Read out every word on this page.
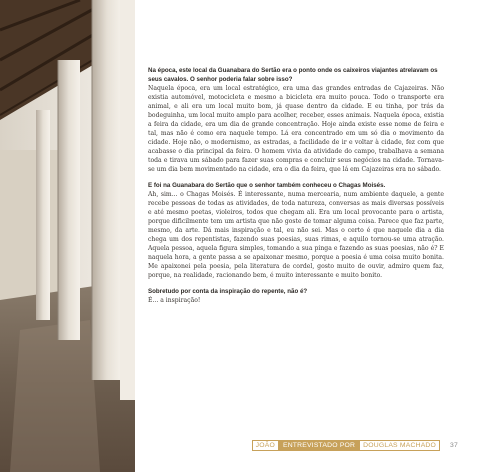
Na época, este local da Guanabara do Sertão era o ponto onde os caixeiros viajantes atrelavam os seus cavalos. O senhor poderia falar sobre isso?

Naquela época, era um local estratégico, era uma das grandes entradas de Cajazeiras. Não existia automóvel, motocicleta e mesmo a bicicleta era muito pouca. Todo o transporte era animal, e ali era um local muito bom, já quase dentro da cidade. E eu tinha, por trás da bodeguinha, um local muito amplo para acolher, receber, esses animais. Naquela época, existia a feira da cidade, era um dia de grande concentração. Hoje ainda existe esse nome de feira e tal, mas não é como era naquele tempo. Lá era concentrado em um só dia o movimento da cidade. Hoje não, o modernismo, as estradas, a facilidade de ir e voltar à cidade, fez com que acabasse o dia principal da feira. O homem vivia da atividade do campo, trabalhava a semana toda e tirava um sábado para fazer suas compras e concluir seus negócios na cidade. Tornava-se um dia bem movimentado na cidade, era o dia da feira, que lá em Cajazeiras era no sábado.

E foi na Guanabara do Sertão que o senhor também conheceu o Chagas Moisés.

Ah, sim... o Chagas Moisés. É interessante, numa mercearia, num ambiente daquele, a gente recebe pessoas de todas as atividades, de toda natureza, conversas as mais diversas possíveis e até mesmo poetas, violeiros, todos que chegam ali. Era um local provocante para o artista, porque dificilmente tem um artista que não goste de tomar alguma coisa. Parece que faz parte, mesmo, da arte. Dá mais inspiração e tal, eu não sei. Mas o certo é que naquele dia a dia chega um dos repentistas, fazendo suas poesias, suas rimas, e aquilo tornou-se uma atração. Aquela pessoa, aquela figura simples, tomando a sua pinga e fazendo as suas poesias, não é? E naquela hora, a gente passa a se apaixonar mesmo, porque a poesia é uma coisa muito bonita. Me apaixonei pela poesia, pela literatura de cordel, gosto muito de ouvir, admiro quem faz, porque, na realidade, racionando bem, é muito interessante e muito bonito.

Sobretudo por conta da inspiração do repente, não é?

É... a inspiração!

JOÃO	ENTREVISTADO POR	DOUGLAS MACHADO	37
